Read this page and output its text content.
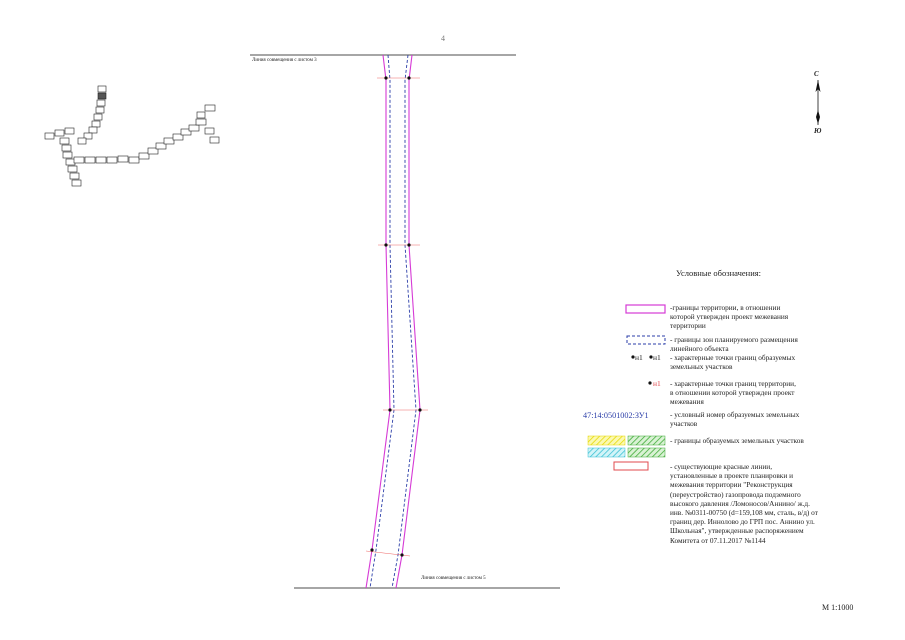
4
М 1:1000
Линия совмещения с листом 3
Линия совмещения с листом 5
С
Ю
Условные обозначения:
-границы территории, в отношении
которой утвержден проект межевания
территории
- границы зон планируемого размещения
линейного объекта
н1 н1 - характерные точки границ образуемых
земельных участков
н1 - характерные точки границ территории,
в отношении которой утвержден проект
межевания
47:14:0501002:ЗУ1	- условный номер образуемых земельных
участков
- границы образуемых земельных участков
- существующие красные линии,
установленные в проекте планировки и
межевания территории "Реконструкция
(переустройство) газопровода подземного
высокого давления /Ломоносов/Аннино/ ж.д.
инв. №0311-00750 (d=159,108 мм, сталь, в/д) от
границ дер. Иннолово до ГРП пос. Аннино ул.
Школьная", утвержденные распоряжением
Комитета от 07.11.2017 №1144
